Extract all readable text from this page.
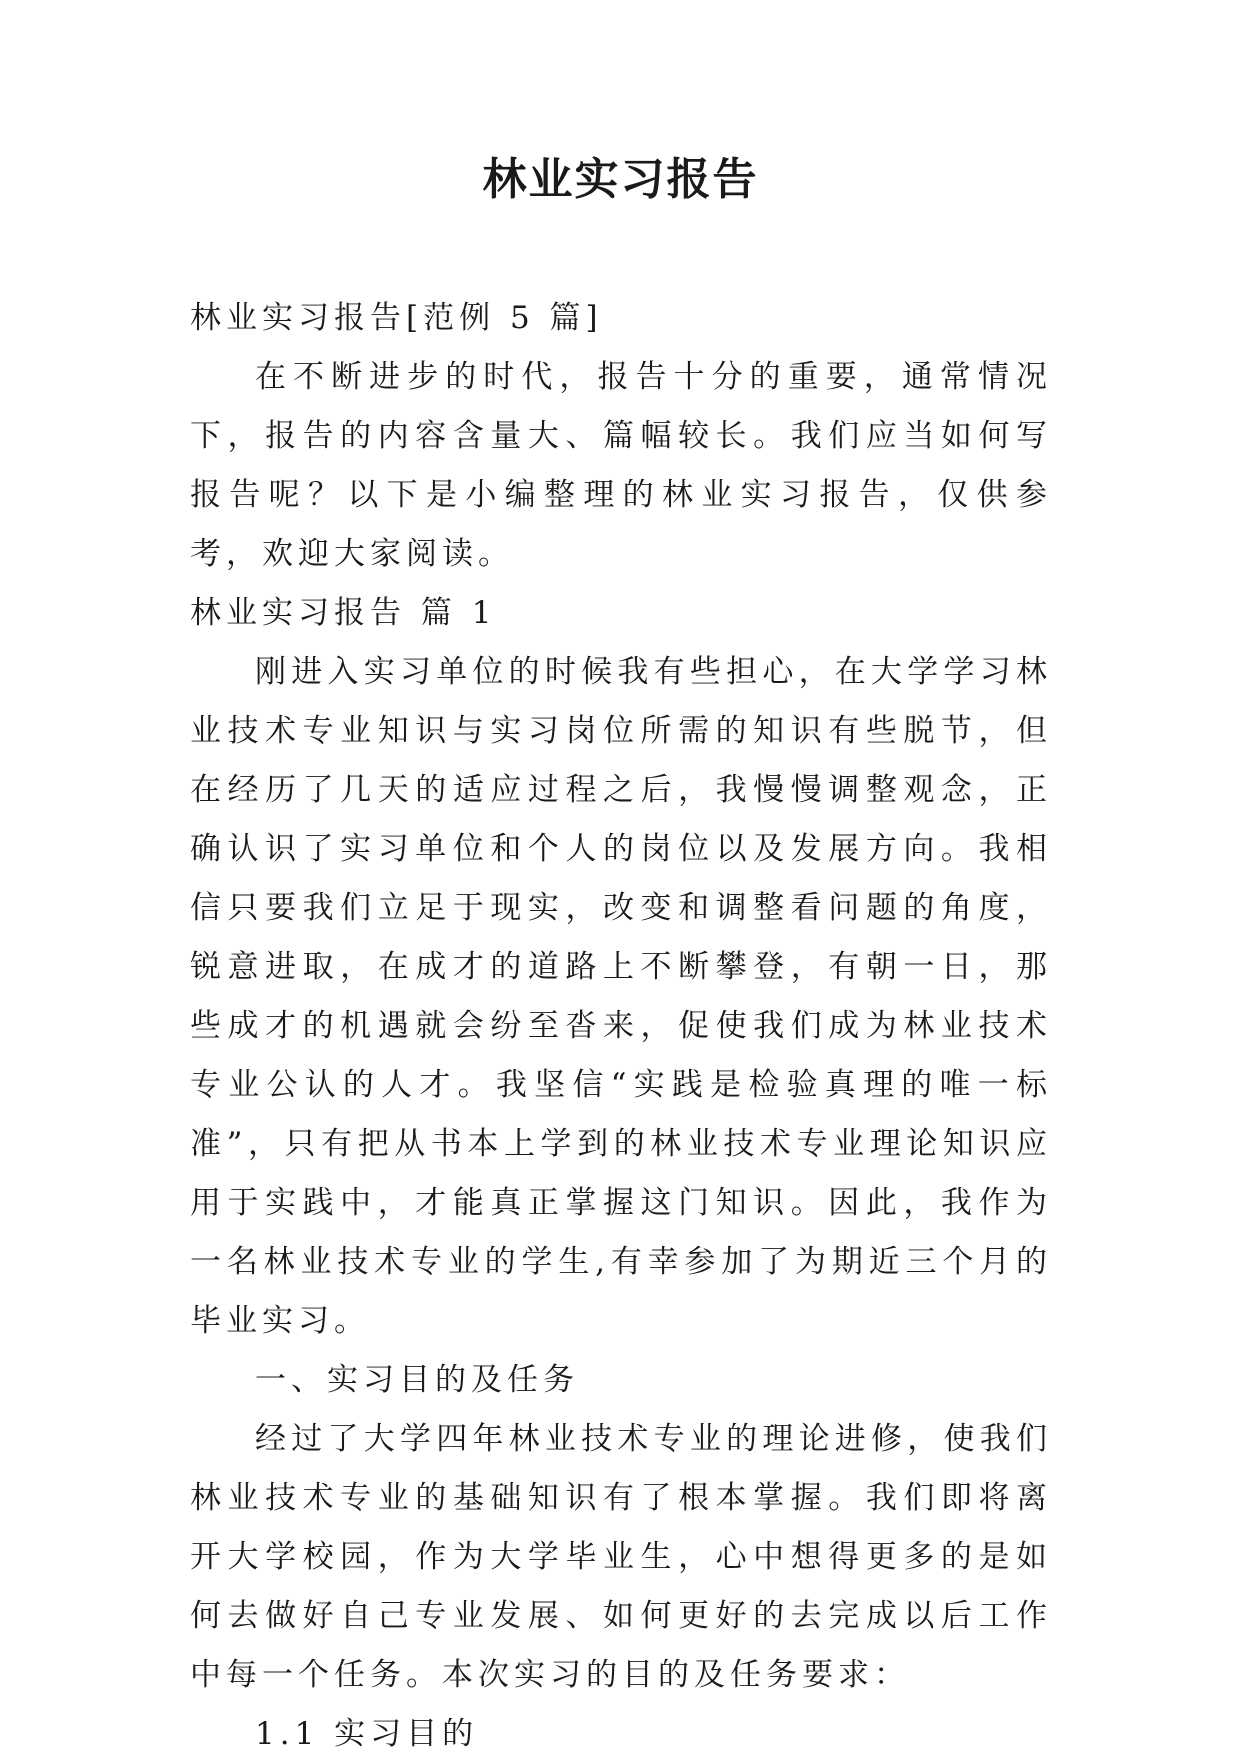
林业实习报告

林业实习报告[范例 5 篇]

在不断进步的时代，报告十分的重要，通常情况下，报告的内容含量大、篇幅较长。我们应当如何写报告呢？以下是小编整理的林业实习报告，仅供参考，欢迎大家阅读。

林业实习报告 篇 1

刚进入实习单位的时候我有些担心，在大学学习林业技术专业知识与实习岗位所需的知识有些脱节，但在经历了几天的适应过程之后，我慢慢调整观念，正确认识了实习单位和个人的岗位以及发展方向。我相信只要我们立足于现实，改变和调整看问题的角度，锐意进取，在成才的道路上不断攀登，有朝一日，那些成才的机遇就会纷至沓来，促使我们成为林业技术专业公认的人才。我坚信“实践是检验真理的唯一标准”，只有把从书本上学到的林业技术专业理论知识应用于实践中，才能真正掌握这门知识。因此，我作为一名林业技术专业的学生,有幸参加了为期近三个月的毕业实习。

一、实习目的及任务

经过了大学四年林业技术专业的理论进修，使我们林业技术专业的基础知识有了根本掌握。我们即将离开大学校园，作为大学毕业生，心中想得更多的是如何去做好自己专业发展、如何更好的去完成以后工作中每一个任务。本次实习的目的及任务要求：

1.1 实习目的
